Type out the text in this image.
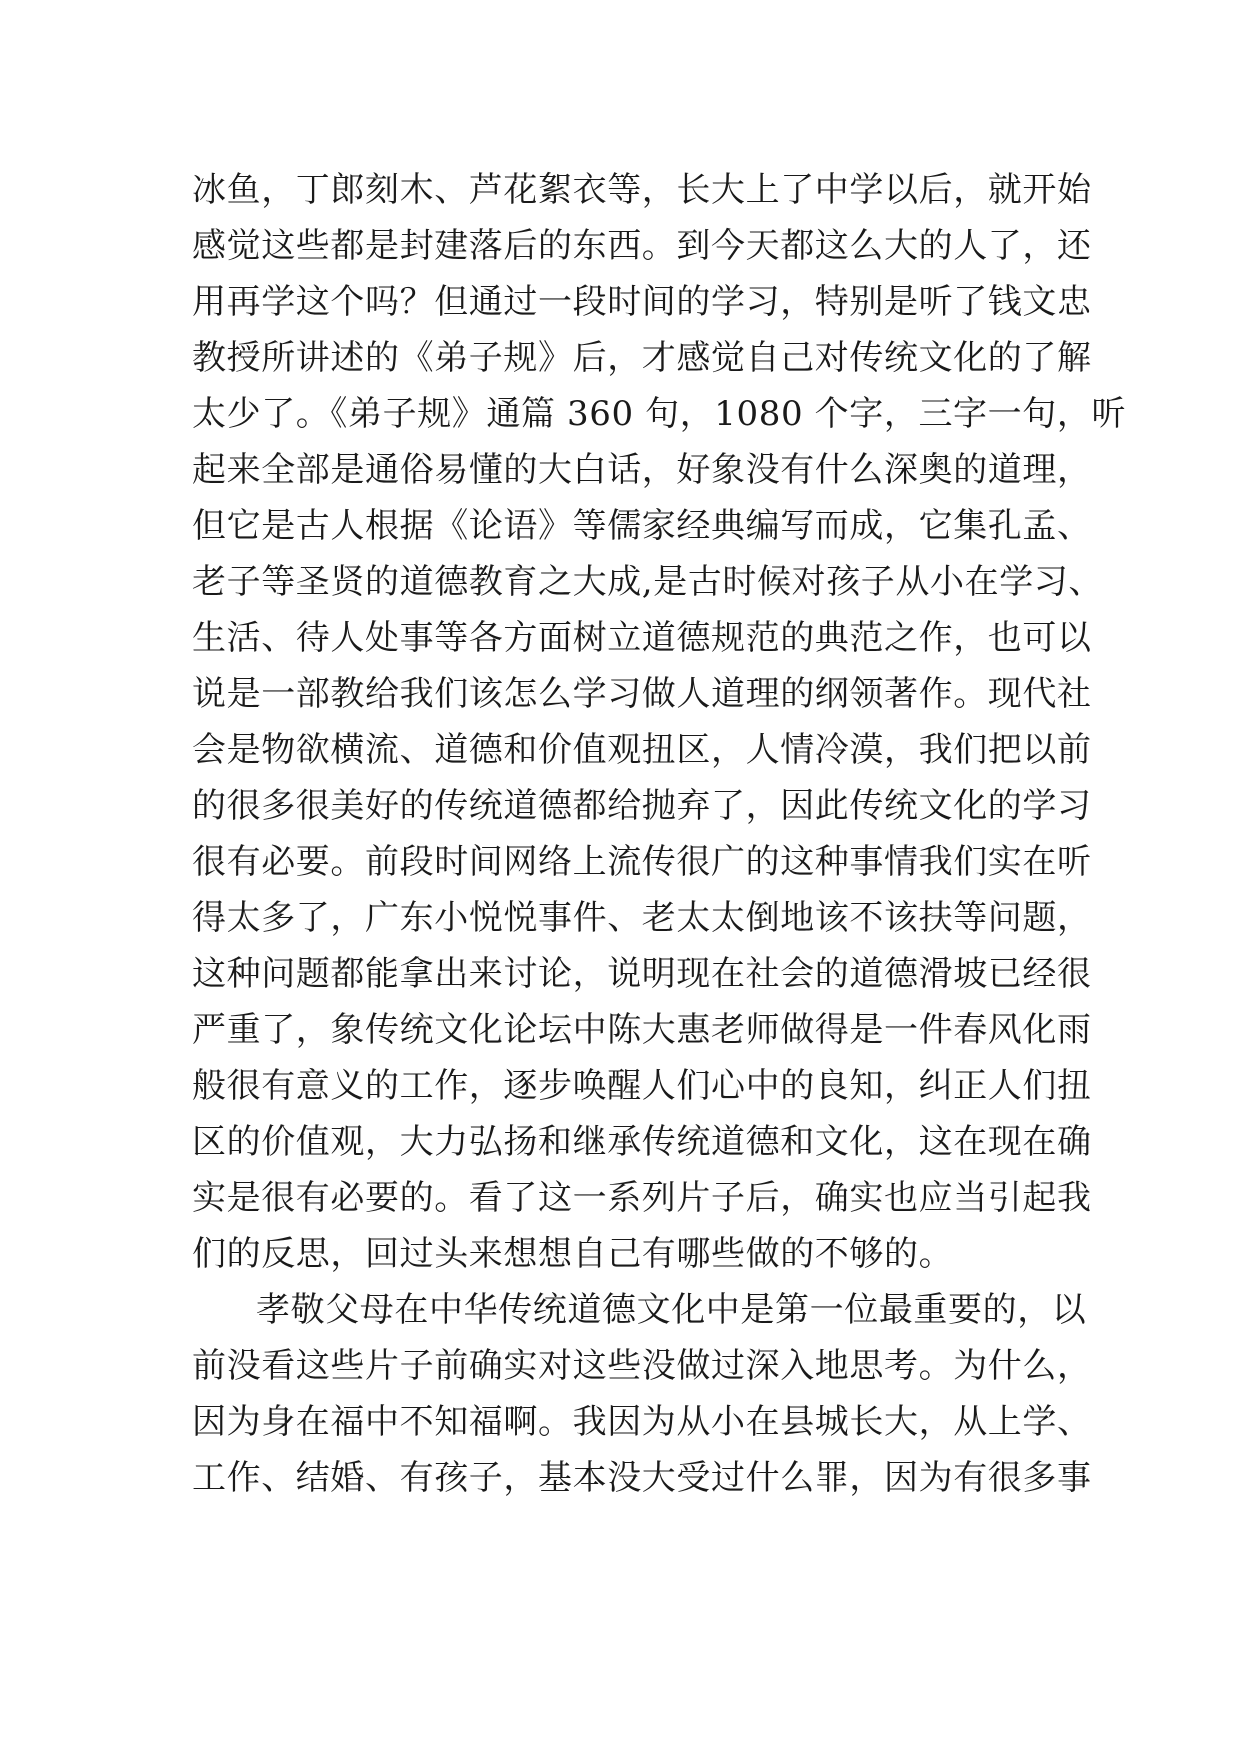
冰鱼，丁郎刻木、芦花絮衣等，长大上了中学以后，就开始
感觉这些都是封建落后的东西。到今天都这么大的人了，还
用再学这个吗？但通过一段时间的学习，特别是听了钱文忠
教授所讲述的《弟子规》后，才感觉自己对传统文化的了解
太少了。《弟子规》通篇 360 句，1080 个字，三字一句，听
起来全部是通俗易懂的大白话，好象没有什么深奥的道理，
但它是古人根据《论语》等儒家经典编写而成，它集孔孟、
老子等圣贤的道德教育之大成,是古时候对孩子从小在学习、
生活、待人处事等各方面树立道德规范的典范之作，也可以
说是一部教给我们该怎么学习做人道理的纲领著作。现代社
会是物欲横流、道德和价值观扭区，人情冷漠，我们把以前
的很多很美好的传统道德都给抛弃了，因此传统文化的学习
很有必要。前段时间网络上流传很广的这种事情我们实在听
得太多了，广东小悦悦事件、老太太倒地该不该扶等问题，
这种问题都能拿出来讨论，说明现在社会的道德滑坡已经很
严重了，象传统文化论坛中陈大惠老师做得是一件春风化雨
般很有意义的工作，逐步唤醒人们心中的良知，纠正人们扭
区的价值观，大力弘扬和继承传统道德和文化，这在现在确
实是很有必要的。看了这一系列片子后，确实也应当引起我
们的反思，回过头来想想自己有哪些做的不够的。
孝敬父母在中华传统道德文化中是第一位最重要的，以
前没看这些片子前确实对这些没做过深入地思考。为什么，
因为身在福中不知福啊。我因为从小在县城长大，从上学、
工作、结婚、有孩子，基本没大受过什么罪，因为有很多事
